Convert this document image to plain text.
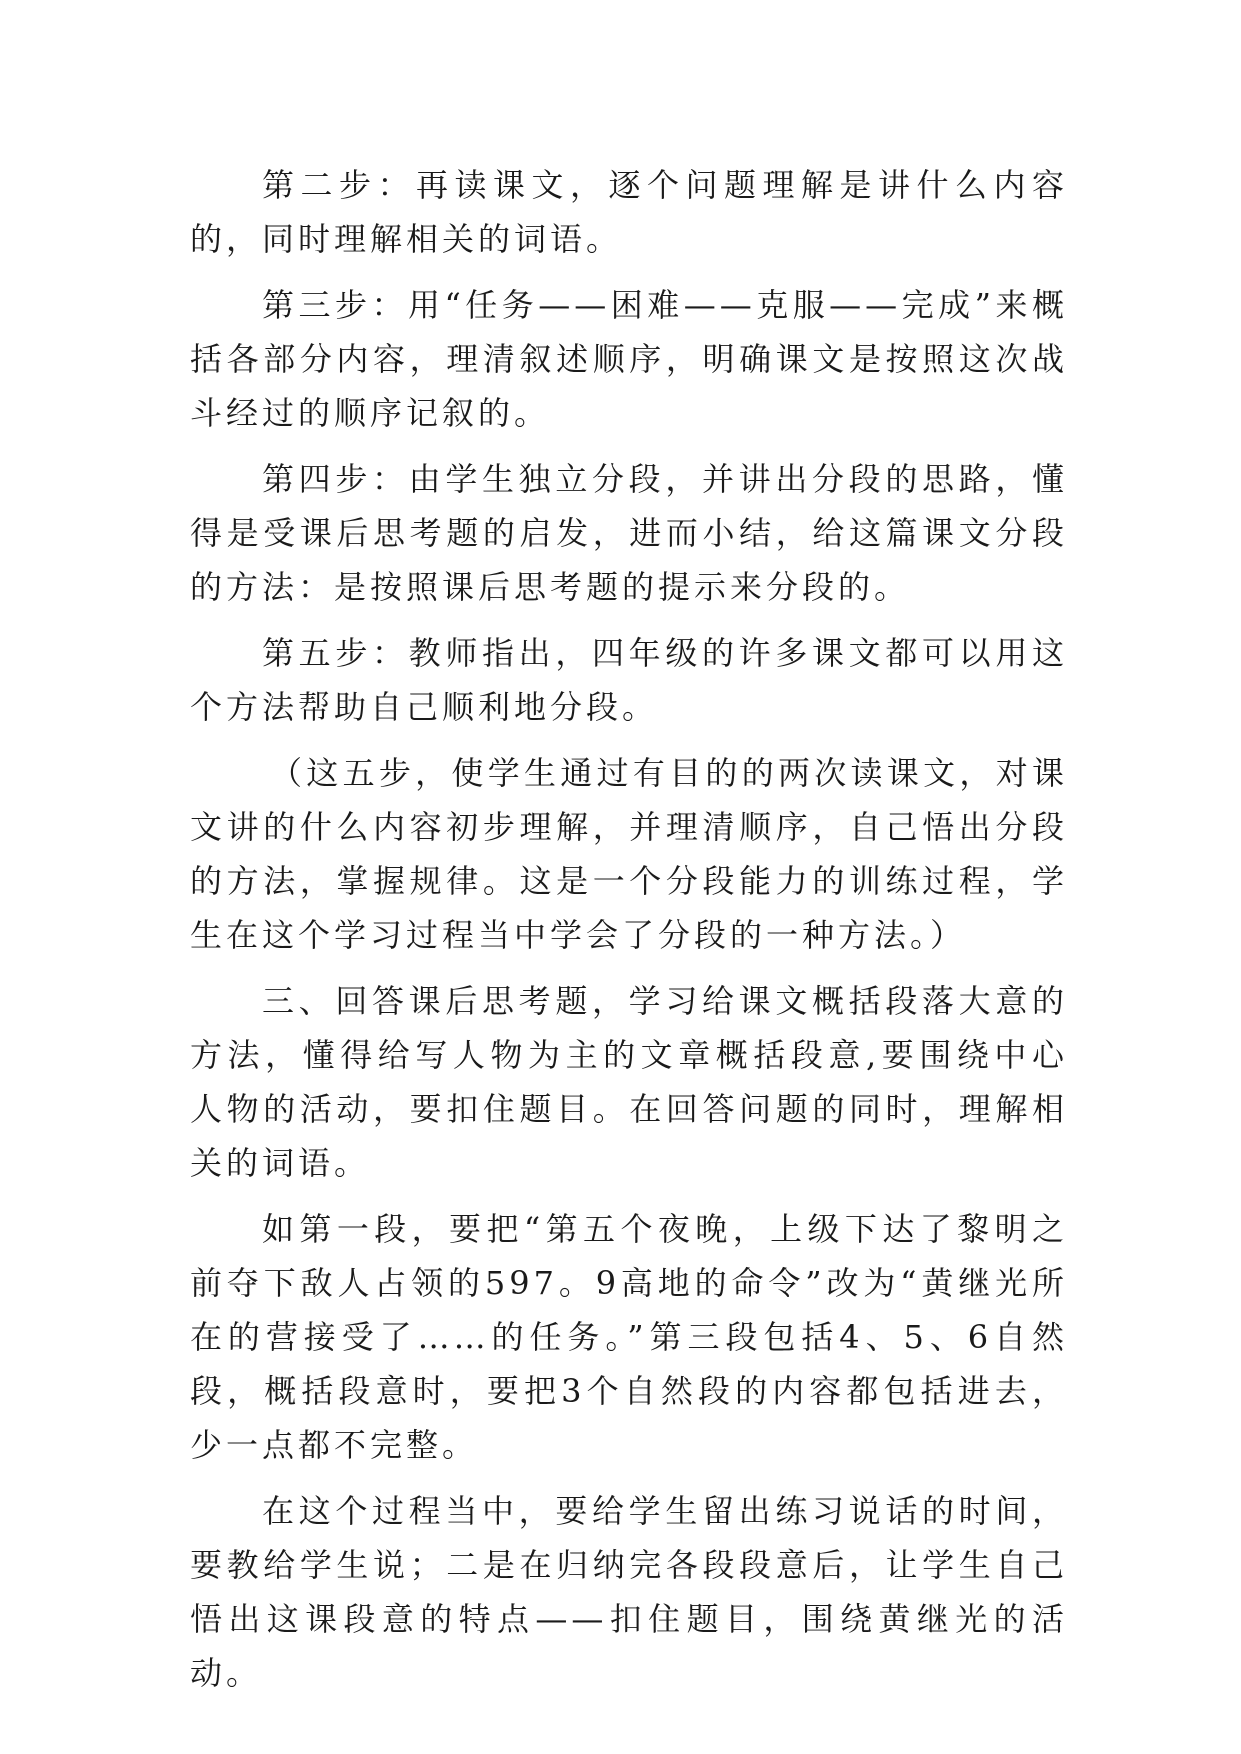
第二步：再读课文，逐个问题理解是讲什么内容的，同时理解相关的词语。

第三步：用“任务——困难——克服——完成”来概括各部分内容，理清叙述顺序，明确课文是按照这次战斗经过的顺序记叙的。

第四步：由学生独立分段，并讲出分段的思路，懂得是受课后思考题的启发，进而小结，给这篇课文分段的方法：是按照课后思考题的提示来分段的。

第五步：教师指出，四年级的许多课文都可以用这个方法帮助自己顺利地分段。

（这五步，使学生通过有目的的两次读课文，对课文讲的什么内容初步理解，并理清顺序，自己悟出分段的方法，掌握规律。这是一个分段能力的训练过程，学生在这个学习过程当中学会了分段的一种方法。）

三、回答课后思考题，学习给课文概括段落大意的方法，懂得给写人物为主的文章概括段意,要围绕中心人物的活动，要扣住题目。在回答问题的同时，理解相关的词语。

如第一段，要把“第五个夜晚，上级下达了黎明之前夺下敌人占领的597。9高地的命令”改为“黄继光所在的营接受了……的任务。”第三段包括4、5、6自然段，概括段意时，要把3个自然段的内容都包括进去，少一点都不完整。

在这个过程当中，要给学生留出练习说话的时间，要教给学生说；二是在归纳完各段段意后，让学生自己悟出这课段意的特点——扣住题目，围绕黄继光的活动。
